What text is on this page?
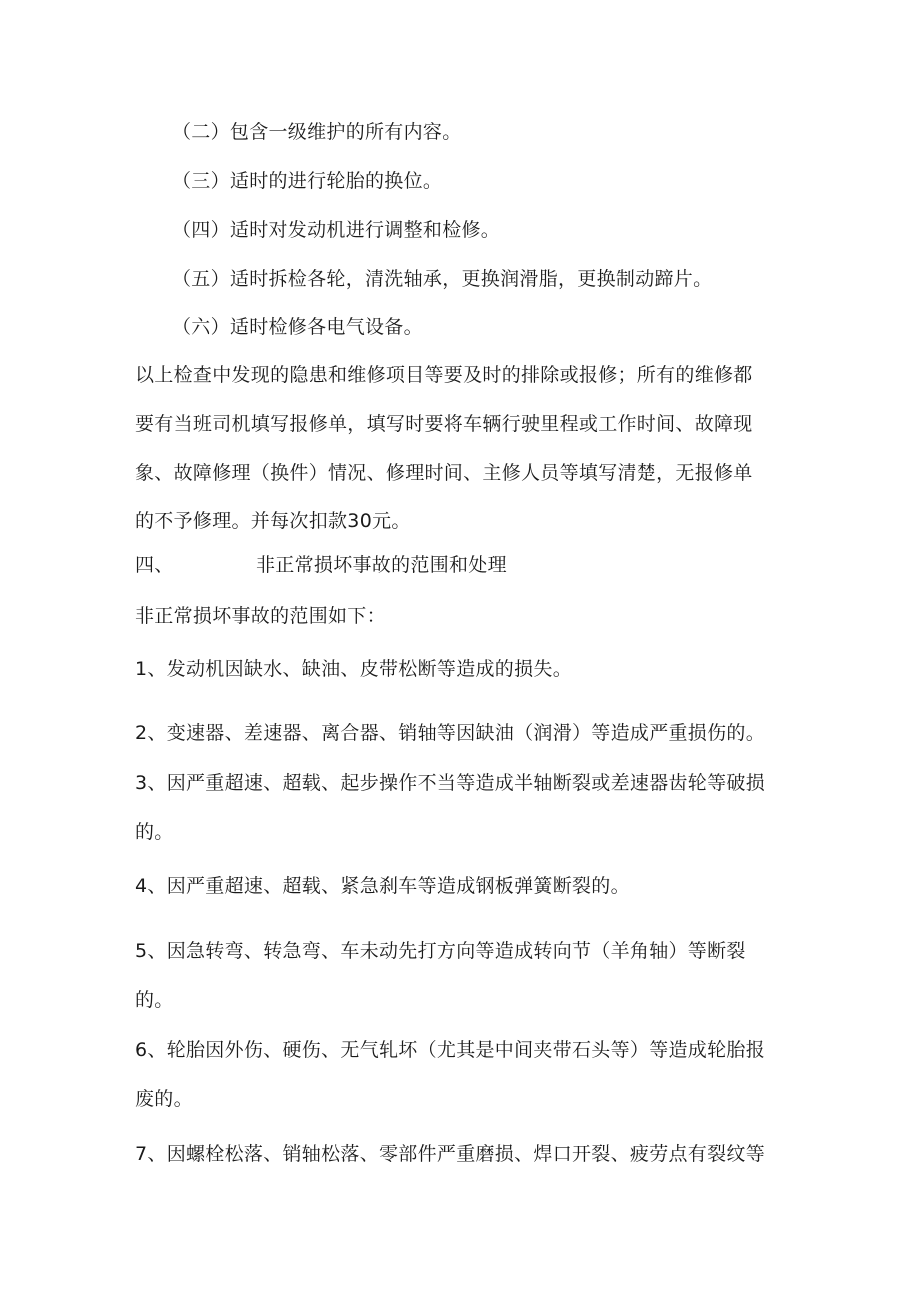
（二）包含一级维护的所有内容。
（三）适时的进行轮胎的换位。
（四）适时对发动机进行调整和检修。
（五）适时拆检各轮，清洗轴承，更换润滑脂，更换制动蹄片。
（六）适时检修各电气设备。
以上检查中发现的隐患和维修项目等要及时的排除或报修；所有的维修都
要有当班司机填写报修单，填写时要将车辆行驶里程或工作时间、故障现
象、故障修理（换件）情况、修理时间、主修人员等填写清楚，无报修单
的不予修理。并每次扣款30元。
四、	非正常损坏事故的范围和处理
非正常损坏事故的范围如下：
1、发动机因缺水、缺油、皮带松断等造成的损失。
2、变速器、差速器、离合器、销轴等因缺油（润滑）等造成严重损伤的。
3、因严重超速、超载、起步操作不当等造成半轴断裂或差速器齿轮等破损
的。
4、因严重超速、超载、紧急刹车等造成钢板弹簧断裂的。
5、因急转弯、转急弯、车未动先打方向等造成转向节（羊角轴）等断裂
的。
6、轮胎因外伤、硬伤、无气轧坏（尤其是中间夹带石头等）等造成轮胎报
废的。
7、因螺栓松落、销轴松落、零部件严重磨损、焊口开裂、疲劳点有裂纹等
